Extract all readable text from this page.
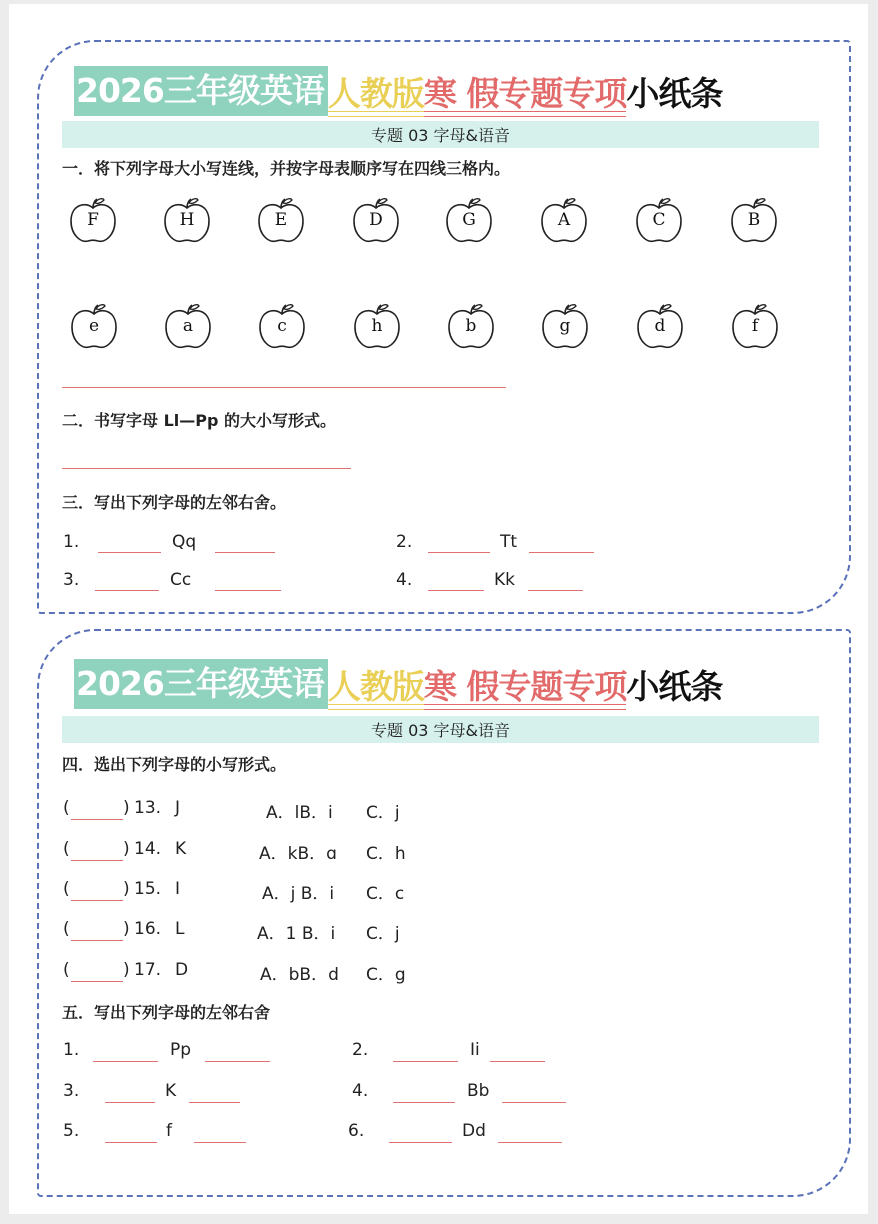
2026三年级英语 人教版 寒 假专题专项 小纸条
专题 03 字母&语音
一．将下列字母大小写连线，并按字母表顺序写在四线三格内。
F	H	E	D	G	A	C	B
e	a	c	h	b	g	d	f
二．书写字母 Ll—Pp 的大小写形式。
三．写出下列字母的左邻右舍。
1.	Qq	2.	Tt
3.	Cc	4.	Kk
2026三年级英语 人教版 寒 假专题专项 小纸条
专题 03 字母&语音
四．选出下列字母的小写形式。
(	) 13. J	A．lB．i C．j
(	) 14. K	A．kB．ɑ C．h
(	) 15. I	A．j B．i C．c
(	) 16. L	A．1 B．i C．j
(	) 17. D	A．bB．d C．g
五．写出下列字母的左邻右舍
1.	Pp	2.	Ii
3.	K	4.	Bb
5.	f	6.	Dd
